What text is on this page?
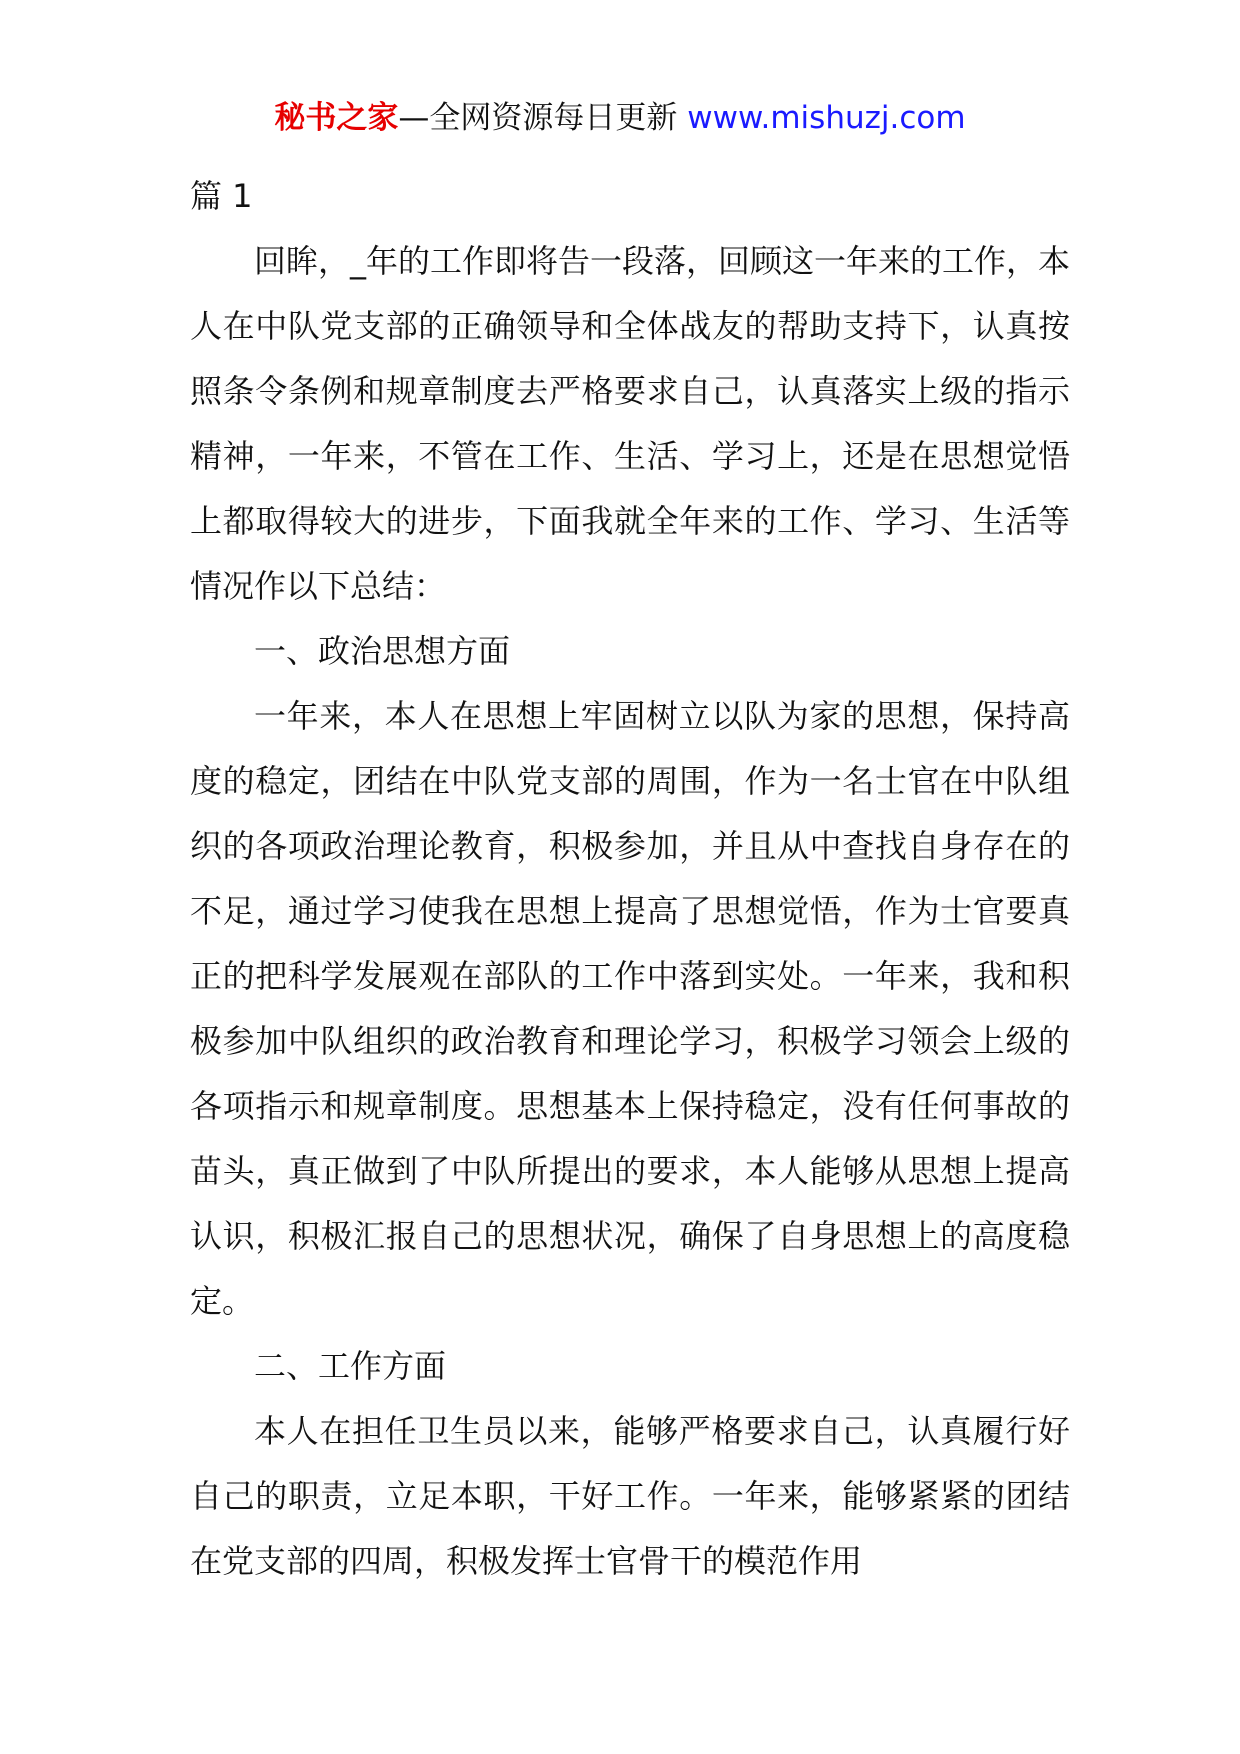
秘书之家—全网资源每日更新 www.mishuzj.com

篇 1

回眸，_年的工作即将告一段落，回顾这一年来的工作，本人在中队党支部的正确领导和全体战友的帮助支持下，认真按照条令条例和规章制度去严格要求自己，认真落实上级的指示精神，一年来，不管在工作、生活、学习上，还是在思想觉悟上都取得较大的进步，下面我就全年来的工作、学习、生活等情况作以下总结：

一、政治思想方面

一年来，本人在思想上牢固树立以队为家的思想，保持高度的稳定，团结在中队党支部的周围，作为一名士官在中队组织的各项政治理论教育，积极参加，并且从中查找自身存在的不足，通过学习使我在思想上提高了思想觉悟，作为士官要真正的把科学发展观在部队的工作中落到实处。一年来，我和积极参加中队组织的政治教育和理论学习，积极学习领会上级的各项指示和规章制度。思想基本上保持稳定，没有任何事故的苗头，真正做到了中队所提出的要求，本人能够从思想上提高认识，积极汇报自己的思想状况，确保了自身思想上的高度稳定。

二、工作方面

本人在担任卫生员以来，能够严格要求自己，认真履行好自己的职责，立足本职，干好工作。一年来，能够紧紧的团结在党支部的四周，积极发挥士官骨干的模范作用
